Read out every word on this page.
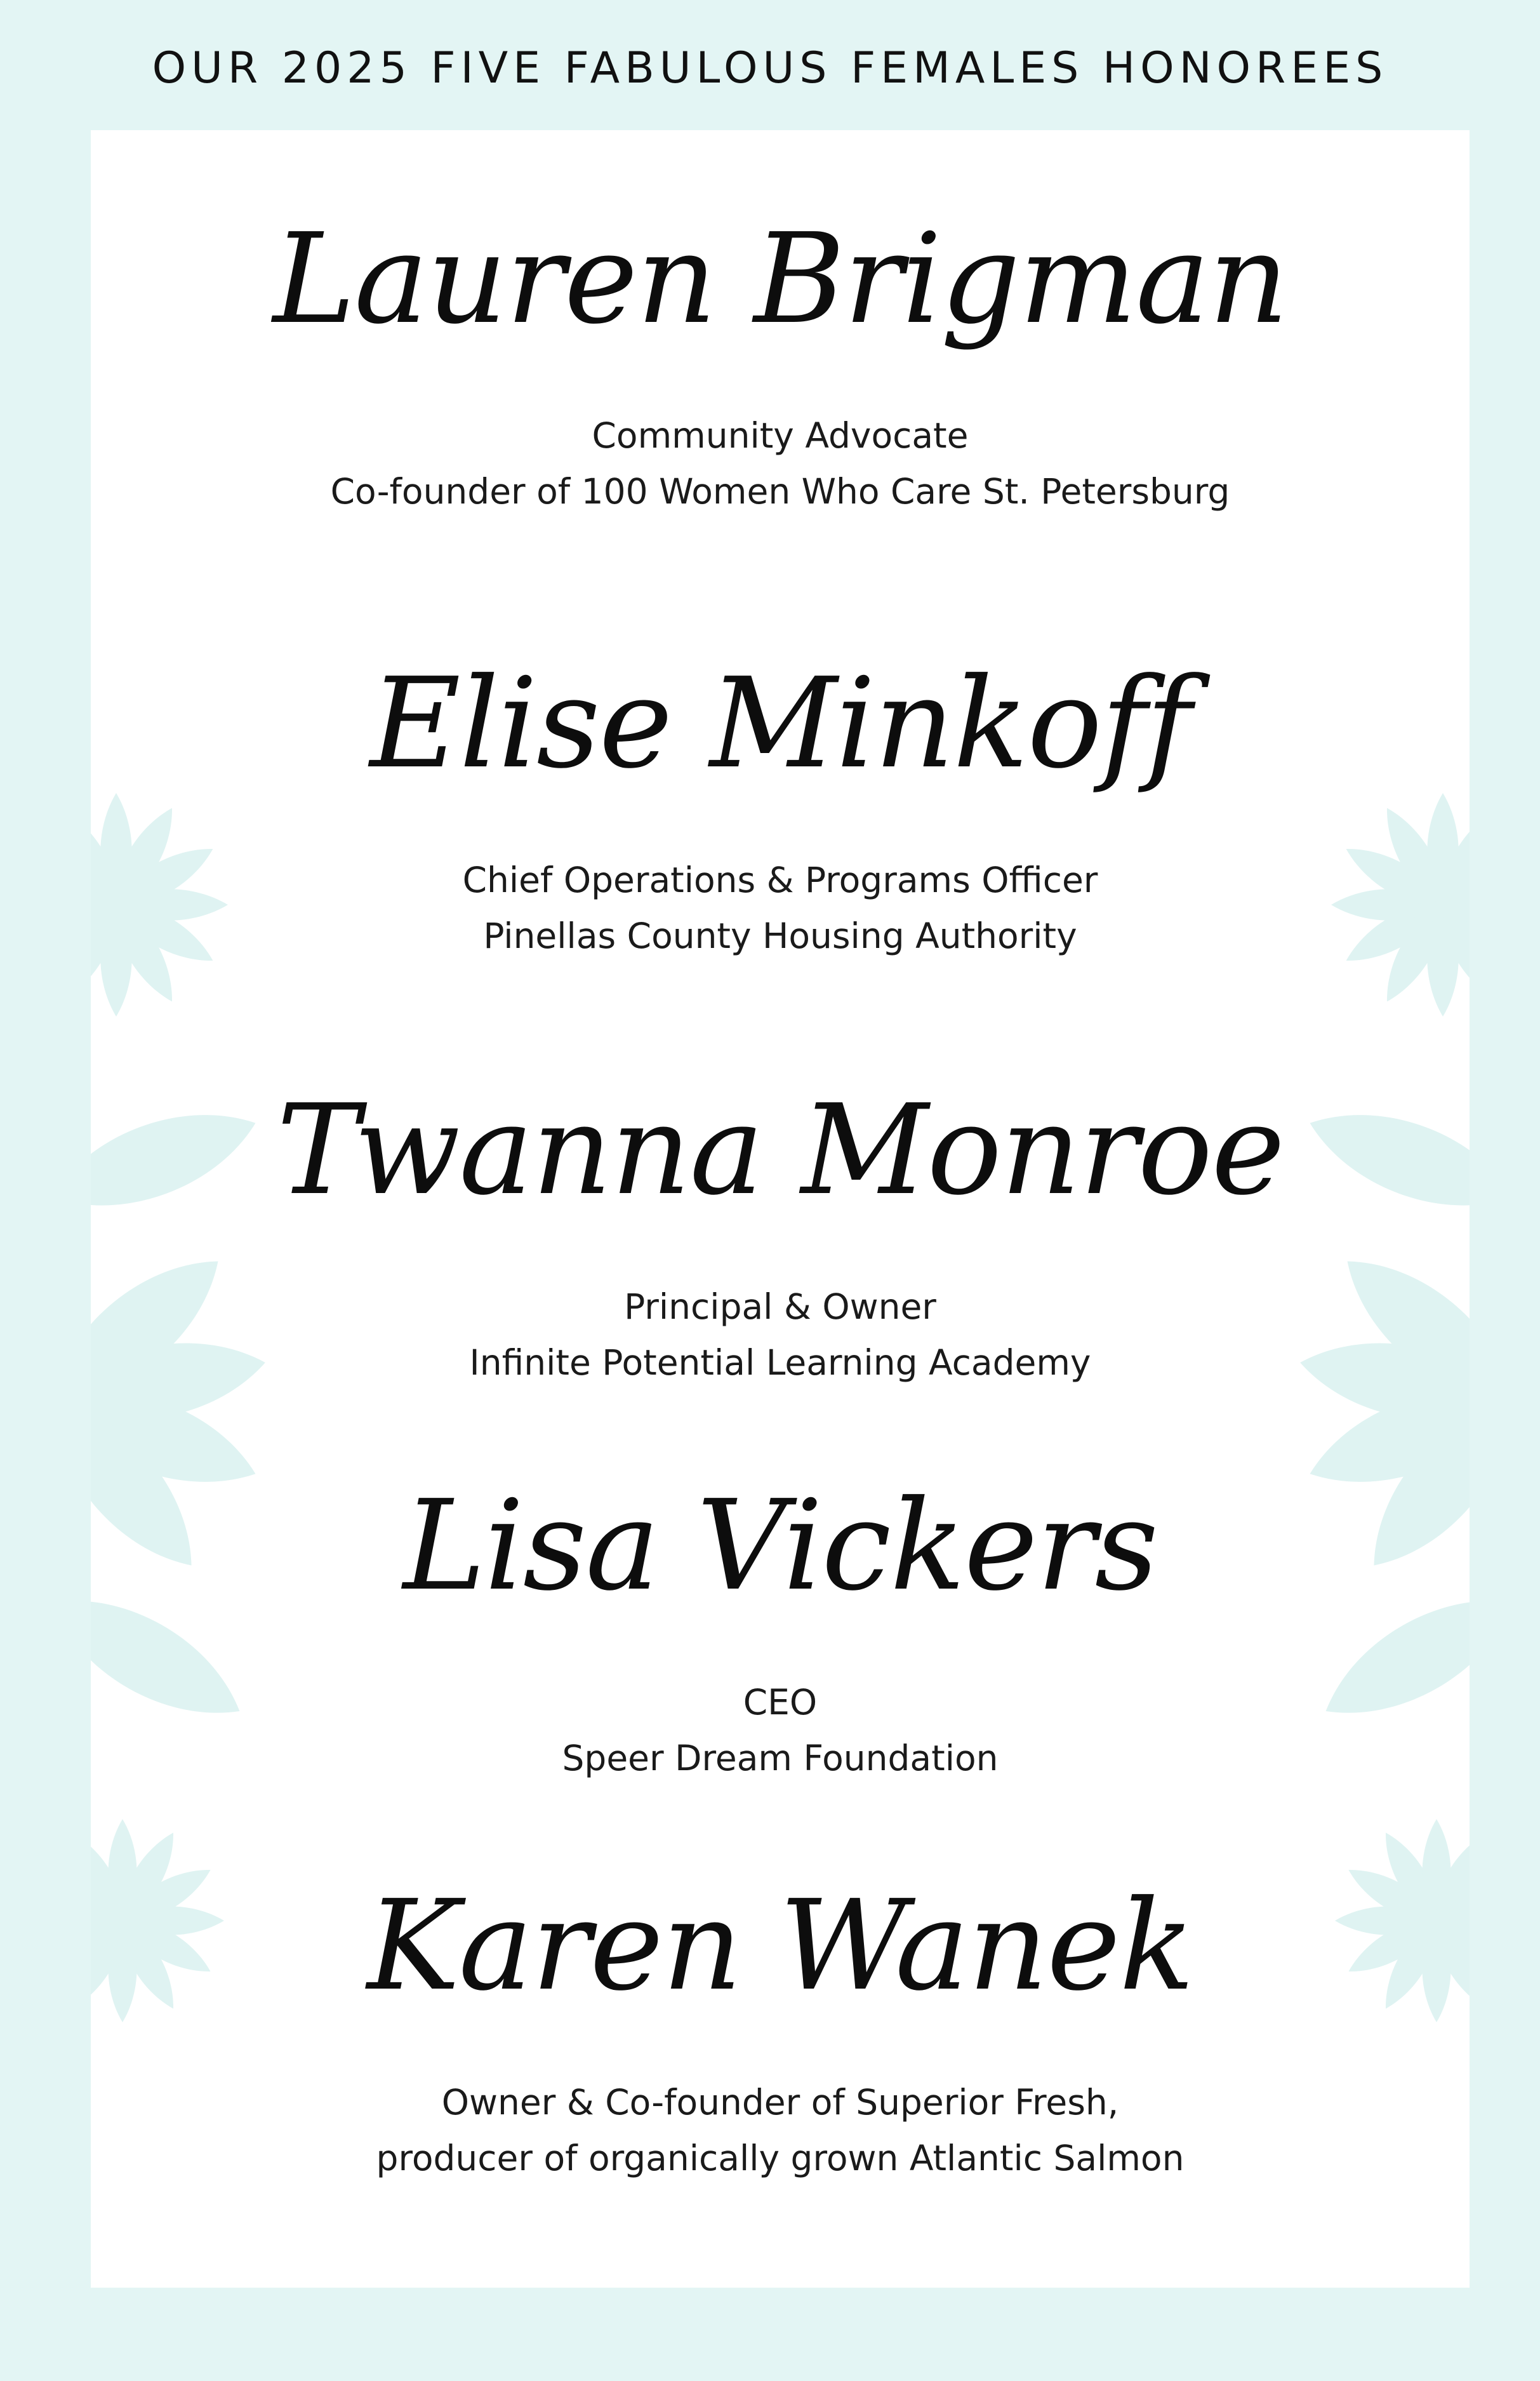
OUR 2025 FIVE FABULOUS FEMALES HONOREES
Lauren Brigman
Community Advocate
Co-founder of 100 Women Who Care St. Petersburg
Elise Minkoff
Chief Operations & Programs Officer
Pinellas County Housing Authority
Twanna Monroe
Principal & Owner
Infinite Potential Learning Academy
Lisa Vickers
CEO
Speer Dream Foundation
Karen Wanek
Owner & Co-founder of Superior Fresh,
producer of organically grown Atlantic Salmon
